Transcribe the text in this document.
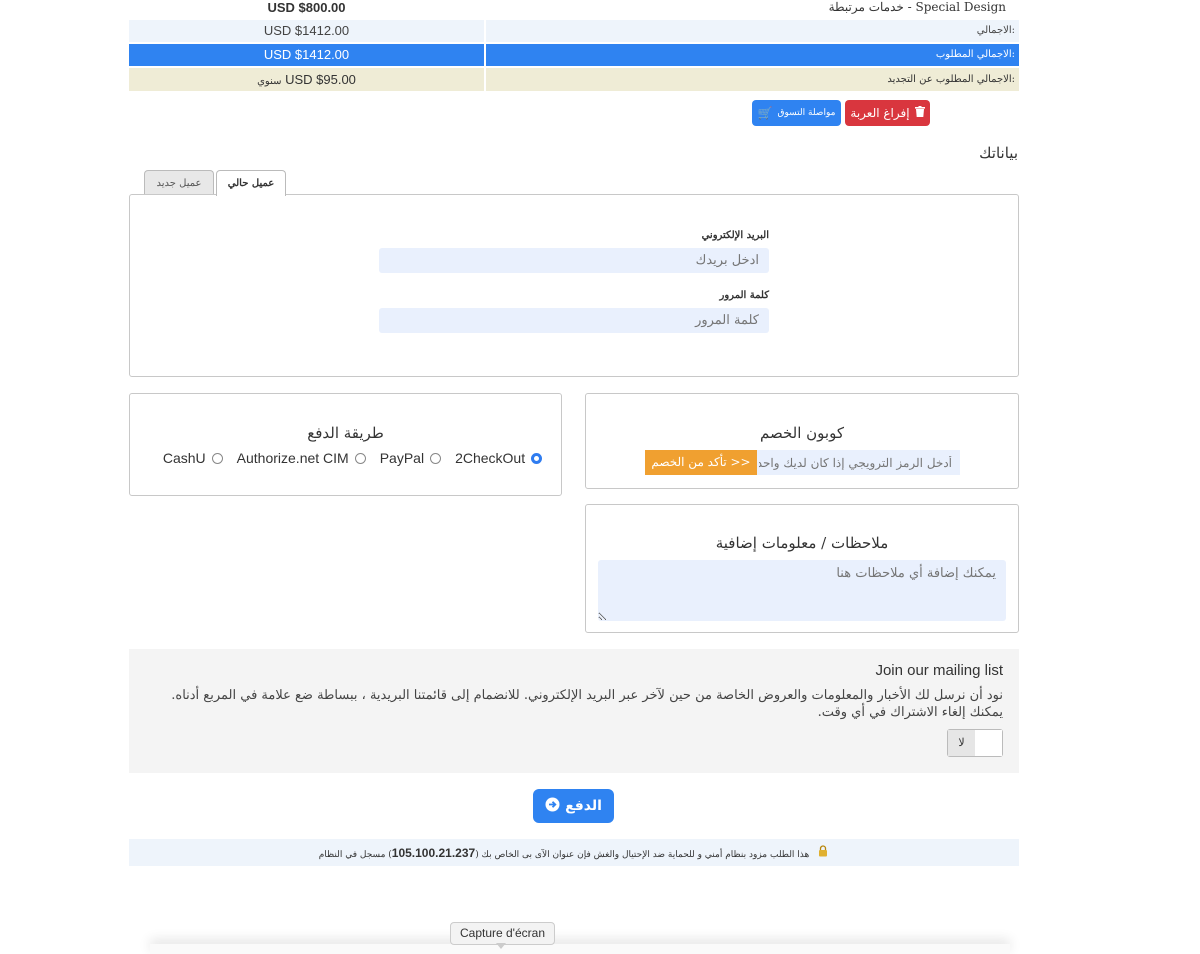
USD $800.00	خدمات مرتبطة - Special Design
USD $1412.00	الاجمالي:
USD $1412.00	الاجمالي المطلوب:
سنوي USD $95.00	الاجمالي المطلوب عن التجديد:
🛒 مواصلة التسوق إفراغ العربة
بياناتك
عميل جديد	عميل حالي
البريد الإلكتروني
ادخل بريدك
كلمة المرور
طريقة الدفع
CashU Authorize.net CIM PayPal 2CheckOut
كوبون الخصم
أدخل الرمز الترويجي إذا كان لديك واحد
تأكد من الخصم >>
ملاحظات / معلومات إضافية
يمكنك إضافة أي ملاحظات هنا
Join our mailing list
نود أن نرسل لك الأخبار والمعلومات والعروض الخاصة من حين لآخر عبر البريد الإلكتروني. للانضمام إلى قائمتنا البريدية ، ببساطة ضع علامة في المربع أدناه. يمكنك إلغاء الاشتراك في أي وقت.
لا
الدفع
هذا الطلب مزود بنظام أمني و للحماية ضد الإحتيال والغش فإن عنوان الآى بى الخاص بك (105.100.21.237) مسجل في النظام
Capture d'écran
